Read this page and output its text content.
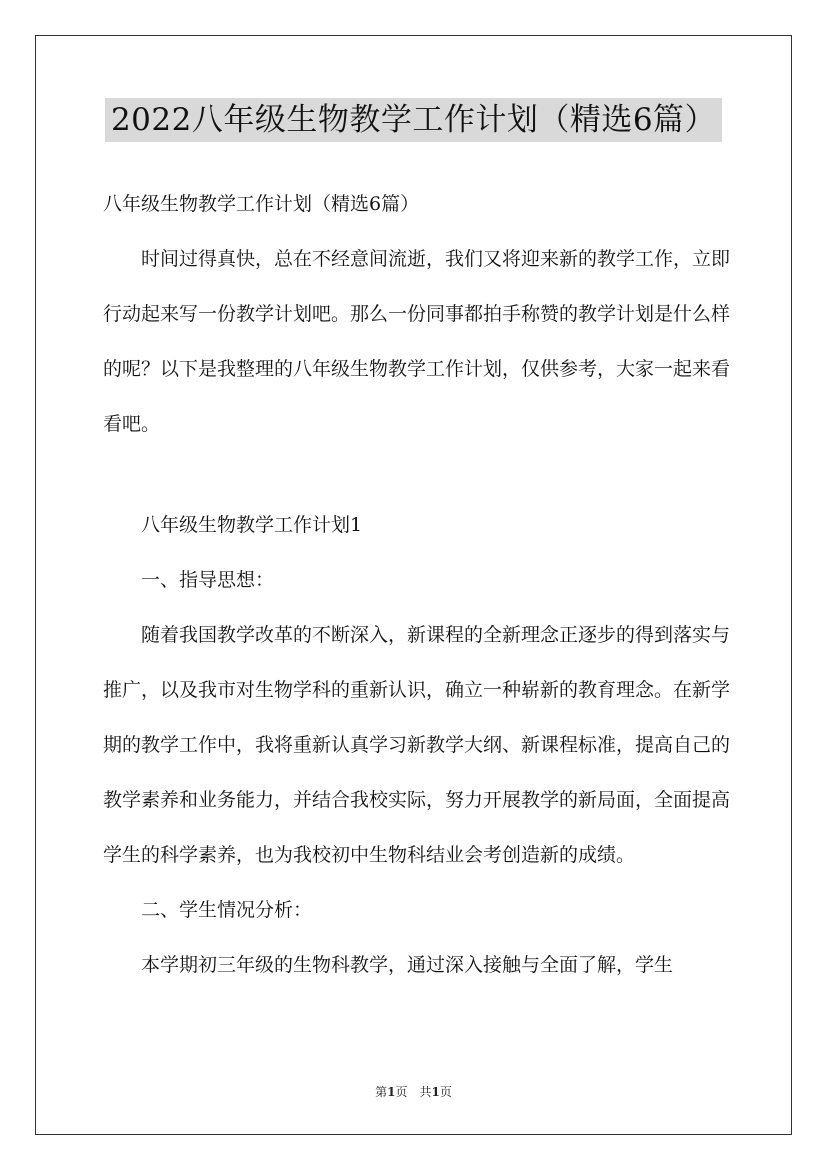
2022八年级生物教学工作计划（精选6篇）

八年级生物教学工作计划（精选6篇）

时间过得真快，总在不经意间流逝，我们又将迎来新的教学工作，立即行动起来写一份教学计划吧。那么一份同事都拍手称赞的教学计划是什么样的呢？以下是我整理的八年级生物教学工作计划，仅供参考，大家一起来看看吧。

八年级生物教学工作计划1

一、指导思想：

随着我国教学改革的不断深入，新课程的全新理念正逐步的得到落实与推广，以及我市对生物学科的重新认识，确立一种崭新的教育理念。在新学期的教学工作中，我将重新认真学习新教学大纲、新课程标准，提高自己的教学素养和业务能力，并结合我校实际，努力开展教学的新局面，全面提高学生的科学素养，也为我校初中生物科结业会考创造新的成绩。

二、学生情况分析：

本学期初三年级的生物科教学，通过深入接触与全面了解，学生

第1页　共1页
